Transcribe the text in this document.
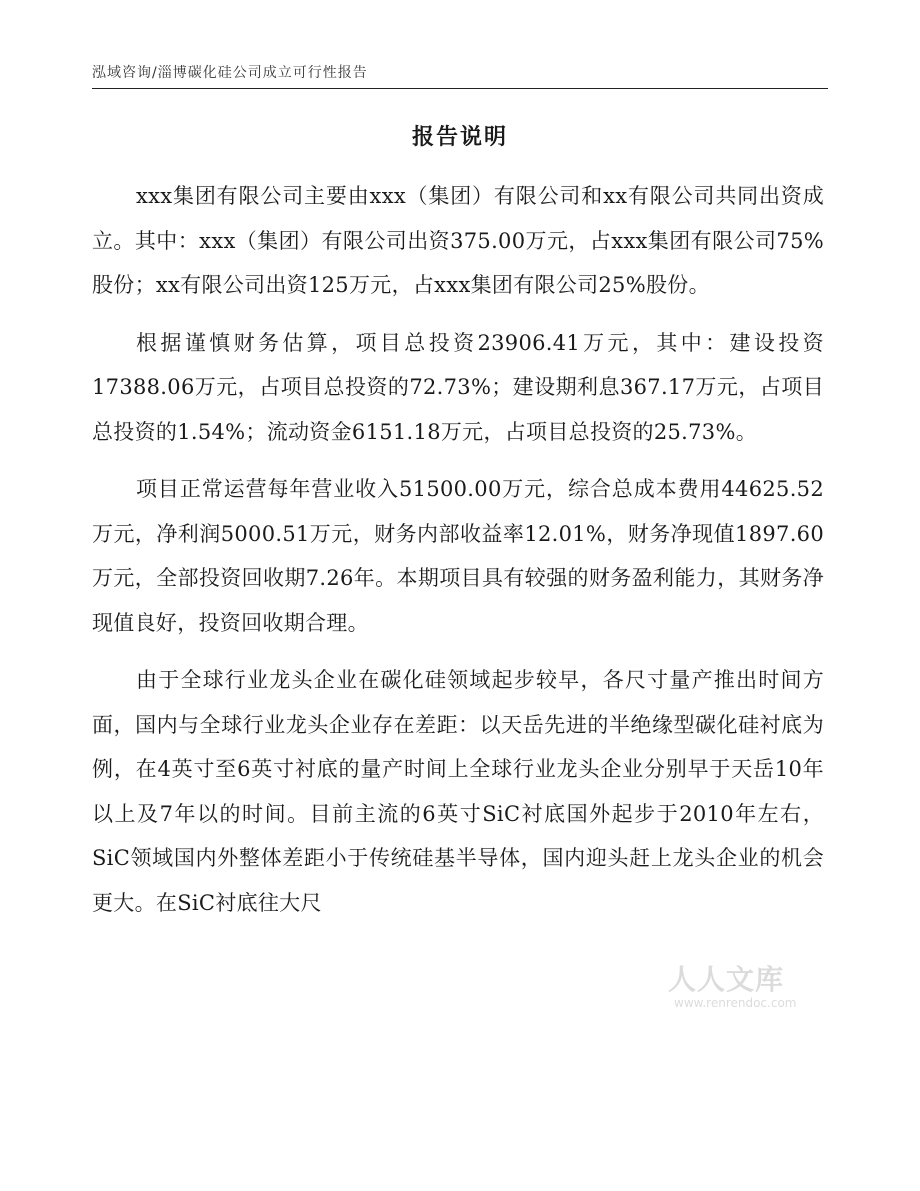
泓域咨询/淄博碳化硅公司成立可行性报告
报告说明

xxx集团有限公司主要由xxx（集团）有限公司和xx有限公司共同出资成立。其中：xxx（集团）有限公司出资375.00万元，占xxx集团有限公司75%股份；xx有限公司出资125万元，占xxx集团有限公司25%股份。

根据谨慎财务估算，项目总投资23906.41万元，其中：建设投资17388.06万元，占项目总投资的72.73%；建设期利息367.17万元，占项目总投资的1.54%；流动资金6151.18万元，占项目总投资的25.73%。

项目正常运营每年营业收入51500.00万元，综合总成本费用44625.52万元，净利润5000.51万元，财务内部收益率12.01%，财务净现值1897.60万元，全部投资回收期7.26年。本期项目具有较强的财务盈利能力，其财务净现值良好，投资回收期合理。

由于全球行业龙头企业在碳化硅领域起步较早，各尺寸量产推出时间方面，国内与全球行业龙头企业存在差距：以天岳先进的半绝缘型碳化硅衬底为例，在4英寸至6英寸衬底的量产时间上全球行业龙头企业分别早于天岳10年以上及7年以的时间。目前主流的6英寸SiC衬底国外起步于2010年左右，SiC领域国内外整体差距小于传统硅基半导体，国内迎头赶上龙头企业的机会更大。在SiC衬底往大尺

人人文库
www.renrendoc.com
